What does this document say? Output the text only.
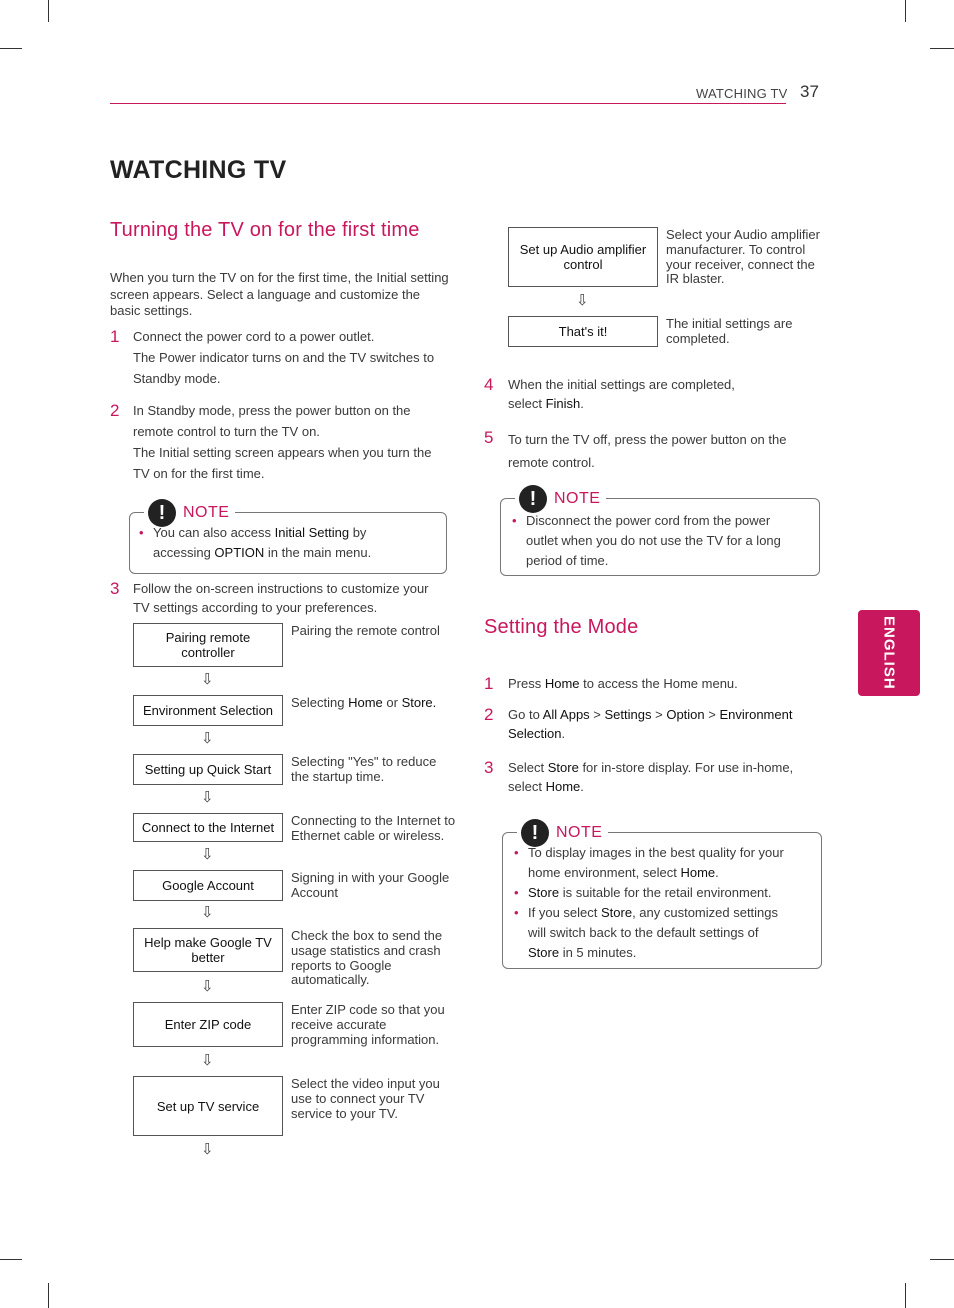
WATCHING TV 37
WATCHING TV
ENGLISH
Turning the TV on for the first time
When you turn the TV on for the first time, the Initial setting screen appears. Select a language and customize the basic settings.
1 Connect the power cord to a power outlet.
The Power indicator turns on and the TV switches to
Standby mode.
2 In Standby mode, press the power button on the
remote control to turn the TV on.
The Initial setting screen appears when you turn the
TV on for the first time.
!	NOTE
• You can also access Initial Setting by
accessing OPTION in the main menu.
3 Follow the on-screen instructions to customize your
TV settings according to your preferences.
Pairing remote controller
Pairing the remote control
⇩
Environment Selection
Selecting Home or Store.
⇩
Setting up Quick Start
Selecting "Yes" to reduce the startup time.
⇩
Connect to the Internet	Connecting to the Internet to Ethernet cable or wireless.
⇩
Google Account
Signing in with your Google Account
⇩
Help make Google TV better
Check the box to send the usage statistics and crash reports to Google automatically.
⇩
Enter ZIP code
Enter ZIP code so that you receive accurate programming information.
⇩
Set up TV service
Select the video input you use to connect your TV service to your TV.
⇩
Set up Audio amplifier control
Select your Audio amplifier manufacturer. To control your receiver, connect the IR blaster.
⇩
That's it!
The initial settings are completed.
4 When the initial settings are completed,
select Finish.
5 To turn the TV off, press the power button on the
remote control.
!	NOTE
• Disconnect the power cord from the power
outlet when you do not use the TV for a long
period of time.
Setting the Mode
1 Press Home to access the Home menu.
2 Go to All Apps > Settings > Option > Environment
Selection.
3 Select Store for in-store display. For use in-home,
select Home.
!	NOTE
• To display images in the best quality for your
home environment, select Home.
• Store is suitable for the retail environment.
• If you select Store, any customized settings
will switch back to the default settings of
Store in 5 minutes.
